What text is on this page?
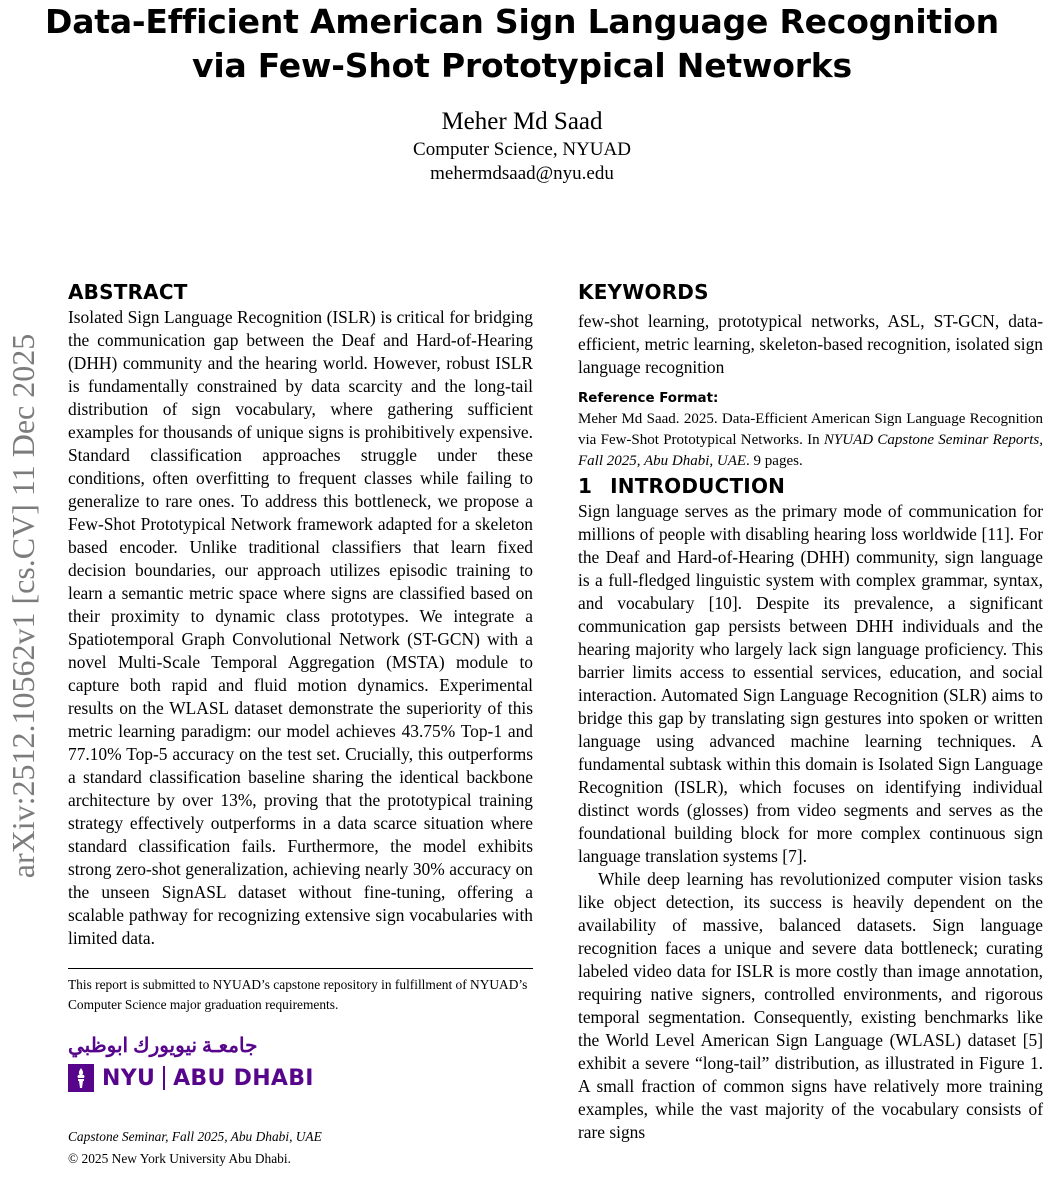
Data-Efficient American Sign Language Recognition
via Few-Shot Prototypical Networks
Meher Md Saad
Computer Science, NYUAD
mehermdsaad@nyu.edu
arXiv:2512.10562v1 [cs.CV] 11 Dec 2025
ABSTRACT

Isolated Sign Language Recognition (ISLR) is critical for bridging the communication gap between the Deaf and Hard-of-Hearing (DHH) community and the hearing world. However, robust ISLR is fundamentally constrained by data scarcity and the long-tail distribution of sign vocabulary, where gathering sufficient examples for thousands of unique signs is prohibitively expensive. Standard classification approaches struggle under these conditions, often overfitting to frequent classes while failing to generalize to rare ones. To address this bottleneck, we propose a Few-Shot Prototypical Network framework adapted for a skeleton based encoder. Unlike traditional classifiers that learn fixed decision boundaries, our approach utilizes episodic training to learn a semantic metric space where signs are classified based on their proximity to dynamic class prototypes. We integrate a Spatiotemporal Graph Convolutional Network (ST-GCN) with a novel Multi-Scale Temporal Aggregation (MSTA) module to capture both rapid and fluid motion dynamics. Experimental results on the WLASL dataset demonstrate the superiority of this metric learning paradigm: our model achieves 43.75% Top-1 and 77.10% Top-5 accuracy on the test set. Crucially, this outperforms a standard classification baseline sharing the identical backbone architecture by over 13%, proving that the prototypical training strategy effectively outperforms in a data scarce situation where standard classification fails. Furthermore, the model exhibits strong zero-shot generalization, achieving nearly 30% accuracy on the unseen SignASL dataset without fine-tuning, offering a scalable pathway for recognizing extensive sign vocabularies with limited data.

This report is submitted to NYUAD’s capstone repository in fulfillment of NYUAD’s Computer Science major graduation requirements.

جامعـة نيويورك ابوظبي
NYU ABU DHABI
Capstone Seminar, Fall 2025, Abu Dhabi, UAE
© 2025 New York University Abu Dhabi.
KEYWORDS

few-shot learning, prototypical networks, ASL, ST-GCN, data-efficient, metric learning, skeleton-based recognition, isolated sign language recognition

Reference Format:

Meher Md Saad. 2025. Data-Efficient American Sign Language Recognition via Few-Shot Prototypical Networks. In NYUAD Capstone Seminar Reports, Fall 2025, Abu Dhabi, UAE. 9 pages.

1 INTRODUCTION

Sign language serves as the primary mode of communication for millions of people with disabling hearing loss worldwide [11]. For the Deaf and Hard-of-Hearing (DHH) community, sign language is a full-fledged linguistic system with complex grammar, syntax, and vocabulary [10]. Despite its prevalence, a significant communication gap persists between DHH individuals and the hearing majority who largely lack sign language proficiency. This barrier limits access to essential services, education, and social interaction. Automated Sign Language Recognition (SLR) aims to bridge this gap by translating sign gestures into spoken or written language using advanced machine learning techniques. A fundamental subtask within this domain is Isolated Sign Language Recognition (ISLR), which focuses on identifying individual distinct words (glosses) from video segments and serves as the foundational building block for more complex continuous sign language translation systems [7].

While deep learning has revolutionized computer vision tasks like object detection, its success is heavily dependent on the availability of massive, balanced datasets. Sign language recognition faces a unique and severe data bottleneck; curating labeled video data for ISLR is more costly than image annotation, requiring native signers, controlled environments, and rigorous temporal segmentation. Consequently, existing benchmarks like the World Level American Sign Language (WLASL) dataset [5] exhibit a severe “long-tail” distribution, as illustrated in Figure 1. A small fraction of common signs have relatively more training examples, while the vast majority of the vocabulary consists of rare signs
